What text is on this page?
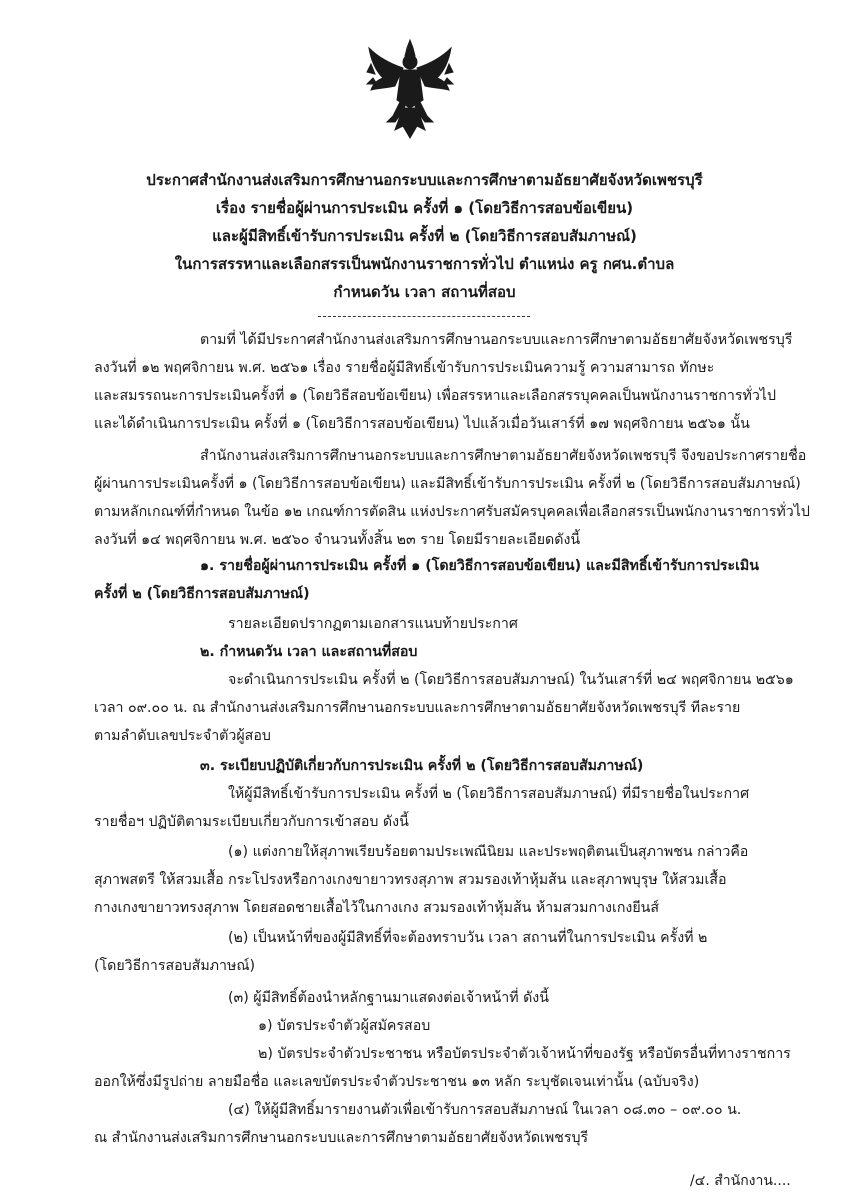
ประกาศสำนักงานส่งเสริมการศึกษานอกระบบและการศึกษาตามอัธยาศัยจังหวัดเพชรบุรี
เรื่อง รายชื่อผู้ผ่านการประเมิน ครั้งที่ ๑ (โดยวิธีการสอบข้อเขียน)
และผู้มีสิทธิ์เข้ารับการประเมิน ครั้งที่ ๒ (โดยวิธีการสอบสัมภาษณ์)
ในการสรรหาและเลือกสรรเป็นพนักงานราชการทั่วไป ตำแหน่ง ครู กศน.ตำบล
กำหนดวัน เวลา สถานที่สอบ
ตามที่ ได้มีประกาศสำนักงานส่งเสริมการศึกษานอกระบบและการศึกษาตามอัธยาศัยจังหวัดเพชรบุรี
ลงวันที่ ๑๒ พฤศจิกายน พ.ศ. ๒๕๖๑ เรื่อง รายชื่อผู้มีสิทธิ์เข้ารับการประเมินความรู้ ความสามารถ ทักษะ
และสมรรถนะการประเมินครั้งที่ ๑ (โดยวิธีสอบข้อเขียน) เพื่อสรรหาและเลือกสรรบุคคลเป็นพนักงานราชการทั่วไป
และได้ดำเนินการประเมิน ครั้งที่ ๑ (โดยวิธีการสอบข้อเขียน) ไปแล้วเมื่อวันเสาร์ที่ ๑๗ พฤศจิกายน ๒๕๖๑ นั้น
สำนักงานส่งเสริมการศึกษานอกระบบและการศึกษาตามอัธยาศัยจังหวัดเพชรบุรี จึงขอประกาศรายชื่อ
ผู้ผ่านการประเมินครั้งที่ ๑ (โดยวิธีการสอบข้อเขียน) และมีสิทธิ์เข้ารับการประเมิน ครั้งที่ ๒ (โดยวิธีการสอบสัมภาษณ์)
ตามหลักเกณฑ์ที่กำหนด ในข้อ ๑๒ เกณฑ์การตัดสิน แห่งประกาศรับสมัครบุคคลเพื่อเลือกสรรเป็นพนักงานราชการทั่วไป
ลงวันที่ ๑๔ พฤศจิกายน พ.ศ. ๒๕๖๐ จำนวนทั้งสิ้น ๒๓ ราย โดยมีรายละเอียดดังนี้
๑. รายชื่อผู้ผ่านการประเมิน ครั้งที่ ๑ (โดยวิธีการสอบข้อเขียน) และมีสิทธิ์เข้ารับการประเมิน
ครั้งที่ ๒ (โดยวิธีการสอบสัมภาษณ์)
รายละเอียดปรากฏตามเอกสารแนบท้ายประกาศ
๒. กำหนดวัน เวลา และสถานที่สอบ
จะดำเนินการประเมิน ครั้งที่ ๒ (โดยวิธีการสอบสัมภาษณ์) ในวันเสาร์ที่ ๒๔ พฤศจิกายน ๒๕๖๑
เวลา ๐๙.๐๐ น. ณ สำนักงานส่งเสริมการศึกษานอกระบบและการศึกษาตามอัธยาศัยจังหวัดเพชรบุรี ทีละราย
ตามลำดับเลขประจำตัวผู้สอบ
๓. ระเบียบปฏิบัติเกี่ยวกับการประเมิน ครั้งที่ ๒ (โดยวิธีการสอบสัมภาษณ์)
ให้ผู้มีสิทธิ์เข้ารับการประเมิน ครั้งที่ ๒ (โดยวิธีการสอบสัมภาษณ์) ที่มีรายชื่อในประกาศ
รายชื่อฯ ปฏิบัติตามระเบียบเกี่ยวกับการเข้าสอบ ดังนี้
(๑) แต่งกายให้สุภาพเรียบร้อยตามประเพณีนิยม และประพฤติตนเป็นสุภาพชน กล่าวคือ
สุภาพสตรี ให้สวมเสื้อ กระโปรงหรือกางเกงขายาวทรงสุภาพ สวมรองเท้าหุ้มส้น และสุภาพบุรุษ ให้สวมเสื้อ
กางเกงขายาวทรงสุภาพ โดยสอดชายเสื้อไว้ในกางเกง สวมรองเท้าหุ้มส้น ห้ามสวมกางเกงยีนส์
(๒) เป็นหน้าที่ของผู้มีสิทธิ์ที่จะต้องทราบวัน เวลา สถานที่ในการประเมิน ครั้งที่ ๒
(โดยวิธีการสอบสัมภาษณ์)
(๓) ผู้มีสิทธิ์ต้องนำหลักฐานมาแสดงต่อเจ้าหน้าที่ ดังนี้
๑) บัตรประจำตัวผู้สมัครสอบ
๒) บัตรประจำตัวประชาชน หรือบัตรประจำตัวเจ้าหน้าที่ของรัฐ หรือบัตรอื่นที่ทางราชการ
ออกให้ซึ่งมีรูปถ่าย ลายมือชื่อ และเลขบัตรประจำตัวประชาชน ๑๓ หลัก ระบุชัดเจนเท่านั้น (ฉบับจริง)
(๔) ให้ผู้มีสิทธิ์มารายงานตัวเพื่อเข้ารับการสอบสัมภาษณ์ ในเวลา ๐๘.๓๐ – ๐๙.๐๐ น.
ณ สำนักงานส่งเสริมการศึกษานอกระบบและการศึกษาตามอัธยาศัยจังหวัดเพชรบุรี
/๔. สำนักงาน....
